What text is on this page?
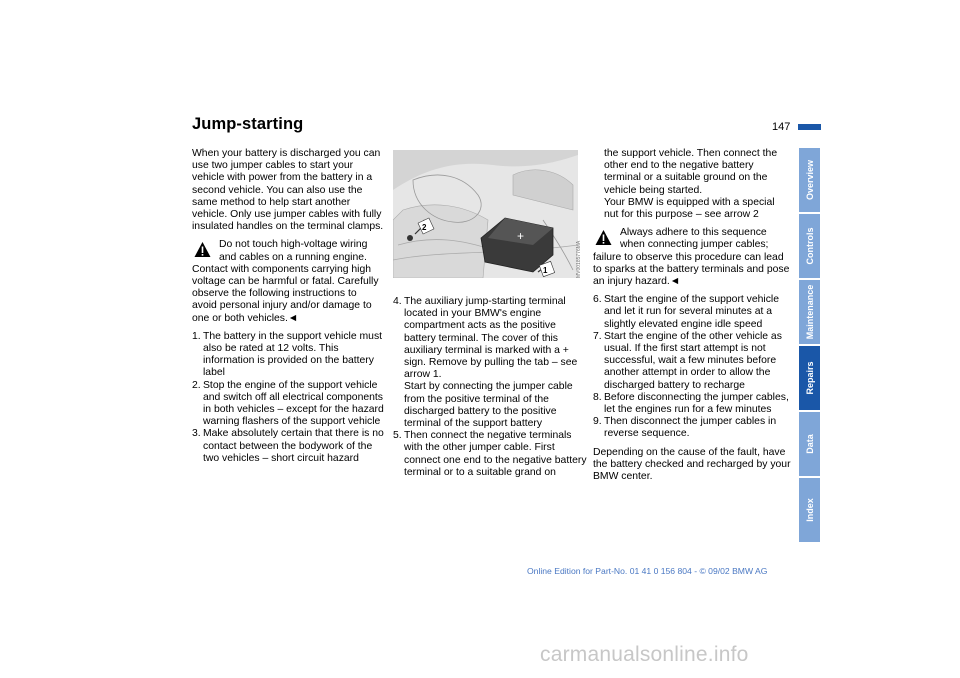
Jump-starting	147

When your battery is discharged you can use two jumper cables to start your vehicle with power from the battery in a second vehicle. You can also use the same method to help start another vehicle. Only use jumper cables with fully insulated handles on the terminal clamps.

Do not touch high-voltage wiring and cables on a running engine. Contact with components carrying high voltage can be harmful or fatal. Carefully observe the following instructions to avoid personal injury and/or damage to one or both vehicles.◄
1. The battery in the support vehicle must also be rated at 12 volts. This information is provided on the battery label
2. Stop the engine of the support vehicle and switch off all electrical components in both vehicles – except for the hazard warning flashers of the support vehicle
3. Make absolutely certain that there is no contact between the bodywork of the two vehicles – short circuit hazard
+
2
1	MV00185776MA
4. The auxiliary jump-starting terminal located in your BMW's engine compartment acts as the positive battery terminal. The cover of this auxiliary terminal is marked with a + sign. Remove by pulling the tab – see arrow 1.
Start by connecting the jumper cable from the positive terminal of the discharged battery to the positive terminal of the support battery
5. Then connect the negative terminals with the other jumper cable. First connect one end to the negative battery terminal or to a suitable grand on
the support vehicle. Then connect the other end to the negative battery terminal or a suitable ground on the vehicle being started.
Your BMW is equipped with a special nut for this purpose – see arrow 2
Always adhere to this sequence when connecting jumper cables; failure to observe this procedure can lead to sparks at the battery terminals and pose an injury hazard.◄
6. Start the engine of the support vehicle and let it run for several minutes at a slightly elevated engine idle speed
7. Start the engine of the other vehicle as usual. If the first start attempt is not successful, wait a few minutes before another attempt in order to allow the discharged battery to recharge
8. Before disconnecting the jumper cables, let the engines run for a few minutes
9. Then disconnect the jumper cables in reverse sequence.

Depending on the cause of the fault, have the battery checked and recharged by your BMW center.

Overview
Controls
Maintenance
Repairs
Data
Index
Online Edition for Part-No. 01 41 0 156 804 - © 09/02 BMW AG
carmanualsonline.info
